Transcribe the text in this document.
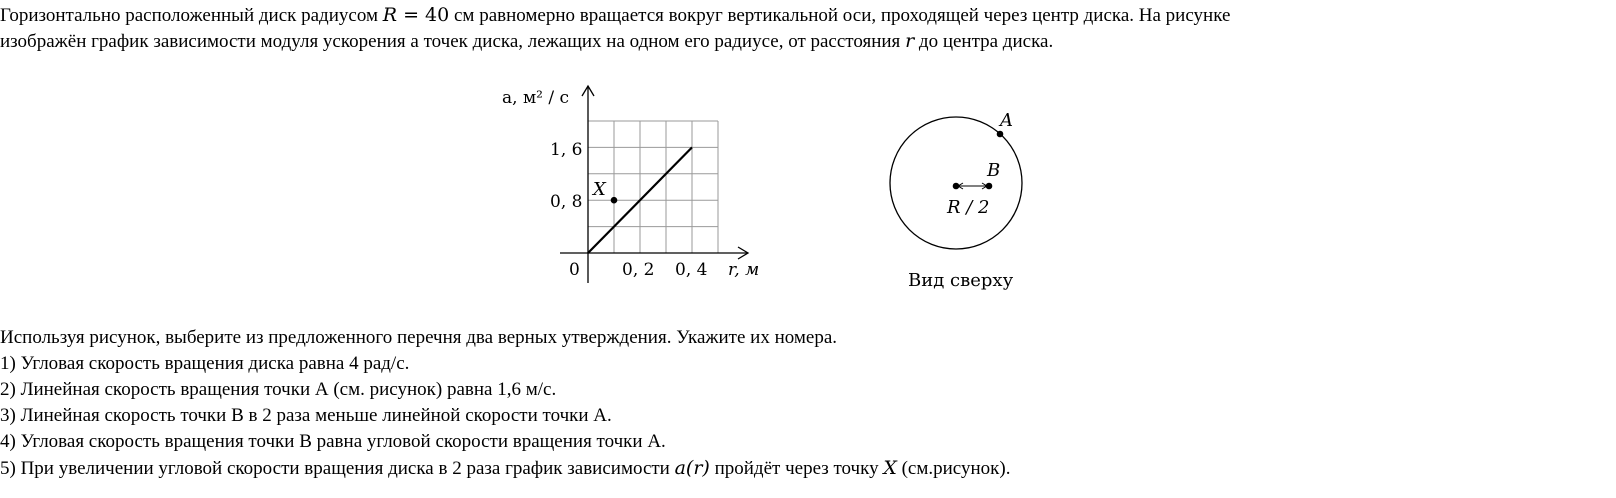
Горизонтально расположенный диск радиусом R = 40 см равномерно вращается вокруг вертикальной оси, проходящей через центр диска. На рисунке
изображён график зависимости модуля ускорения а точек диска, лежащих на одном его радиусе, от расстояния r до центра диска.
X
a, м² / с
1, 6
0, 8
0 0, 2 0, 4 r, м
A
B
R / 2
Вид сверху
Используя рисунок, выберите из предложенного перечня два верных утверждения. Укажите их номера.
1) Угловая скорость вращения диска равна 4 рад/с.
2) Линейная скорость вращения точки А (см. рисунок) равна 1,6 м/с.
3) Линейная скорость точки В в 2 раза меньше линейной скорости точки А.
4) Угловая скорость вращения точки В равна угловой скорости вращения точки А.
5) При увеличении угловой скорости вращения диска в 2 раза график зависимости a(r) пройдёт через точку X (см.рисунок).
